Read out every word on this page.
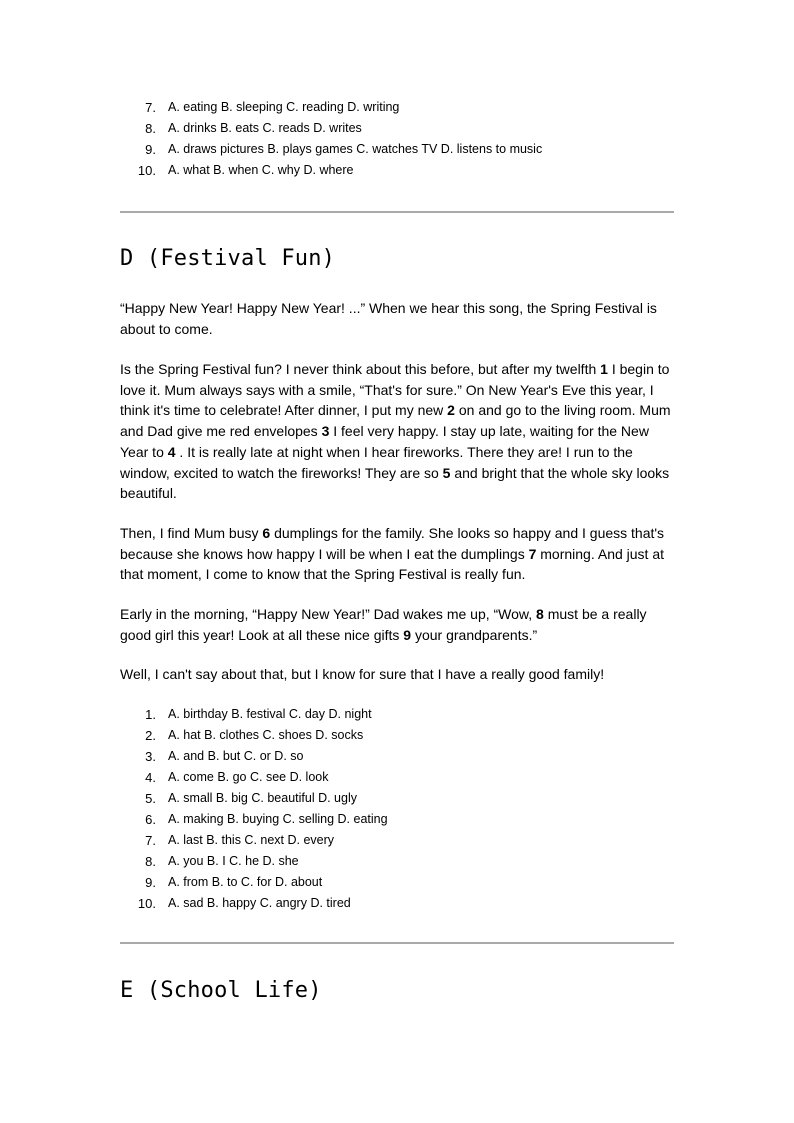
7. A. eating B. sleeping C. reading D. writing
8. A. drinks B. eats C. reads D. writes
9. A. draws pictures B. plays games C. watches TV D. listens to music
10. A. what B. when C. why D. where
D (Festival Fun)

“Happy New Year! Happy New Year! ...” When we hear this song, the Spring Festival is about to come.

Is the Spring Festival fun? I never think about this before, but after my twelfth 1 I begin to love it. Mum always says with a smile, “That's for sure.” On New Year's Eve this year, I think it's time to celebrate! After dinner, I put my new 2 on and go to the living room. Mum and Dad give me red envelopes 3 I feel very happy. I stay up late, waiting for the New Year to 4 . It is really late at night when I hear fireworks. There they are! I run to the window, excited to watch the fireworks! They are so 5 and bright that the whole sky looks beautiful.

Then, I find Mum busy 6 dumplings for the family. She looks so happy and I guess that's because she knows how happy I will be when I eat the dumplings 7 morning. And just at that moment, I come to know that the Spring Festival is really fun.

Early in the morning, “Happy New Year!” Dad wakes me up, “Wow, 8 must be a really good girl this year! Look at all these nice gifts 9 your grandparents.”

Well, I can't say about that, but I know for sure that I have a really good family!

1. A. birthday B. festival C. day D. night
2. A. hat B. clothes C. shoes D. socks
3. A. and B. but C. or D. so
4. A. come B. go C. see D. look
5. A. small B. big C. beautiful D. ugly
6. A. making B. buying C. selling D. eating
7. A. last B. this C. next D. every
8. A. you B. I C. he D. she
9. A. from B. to C. for D. about
10. A. sad B. happy C. angry D. tired
E (School Life)
